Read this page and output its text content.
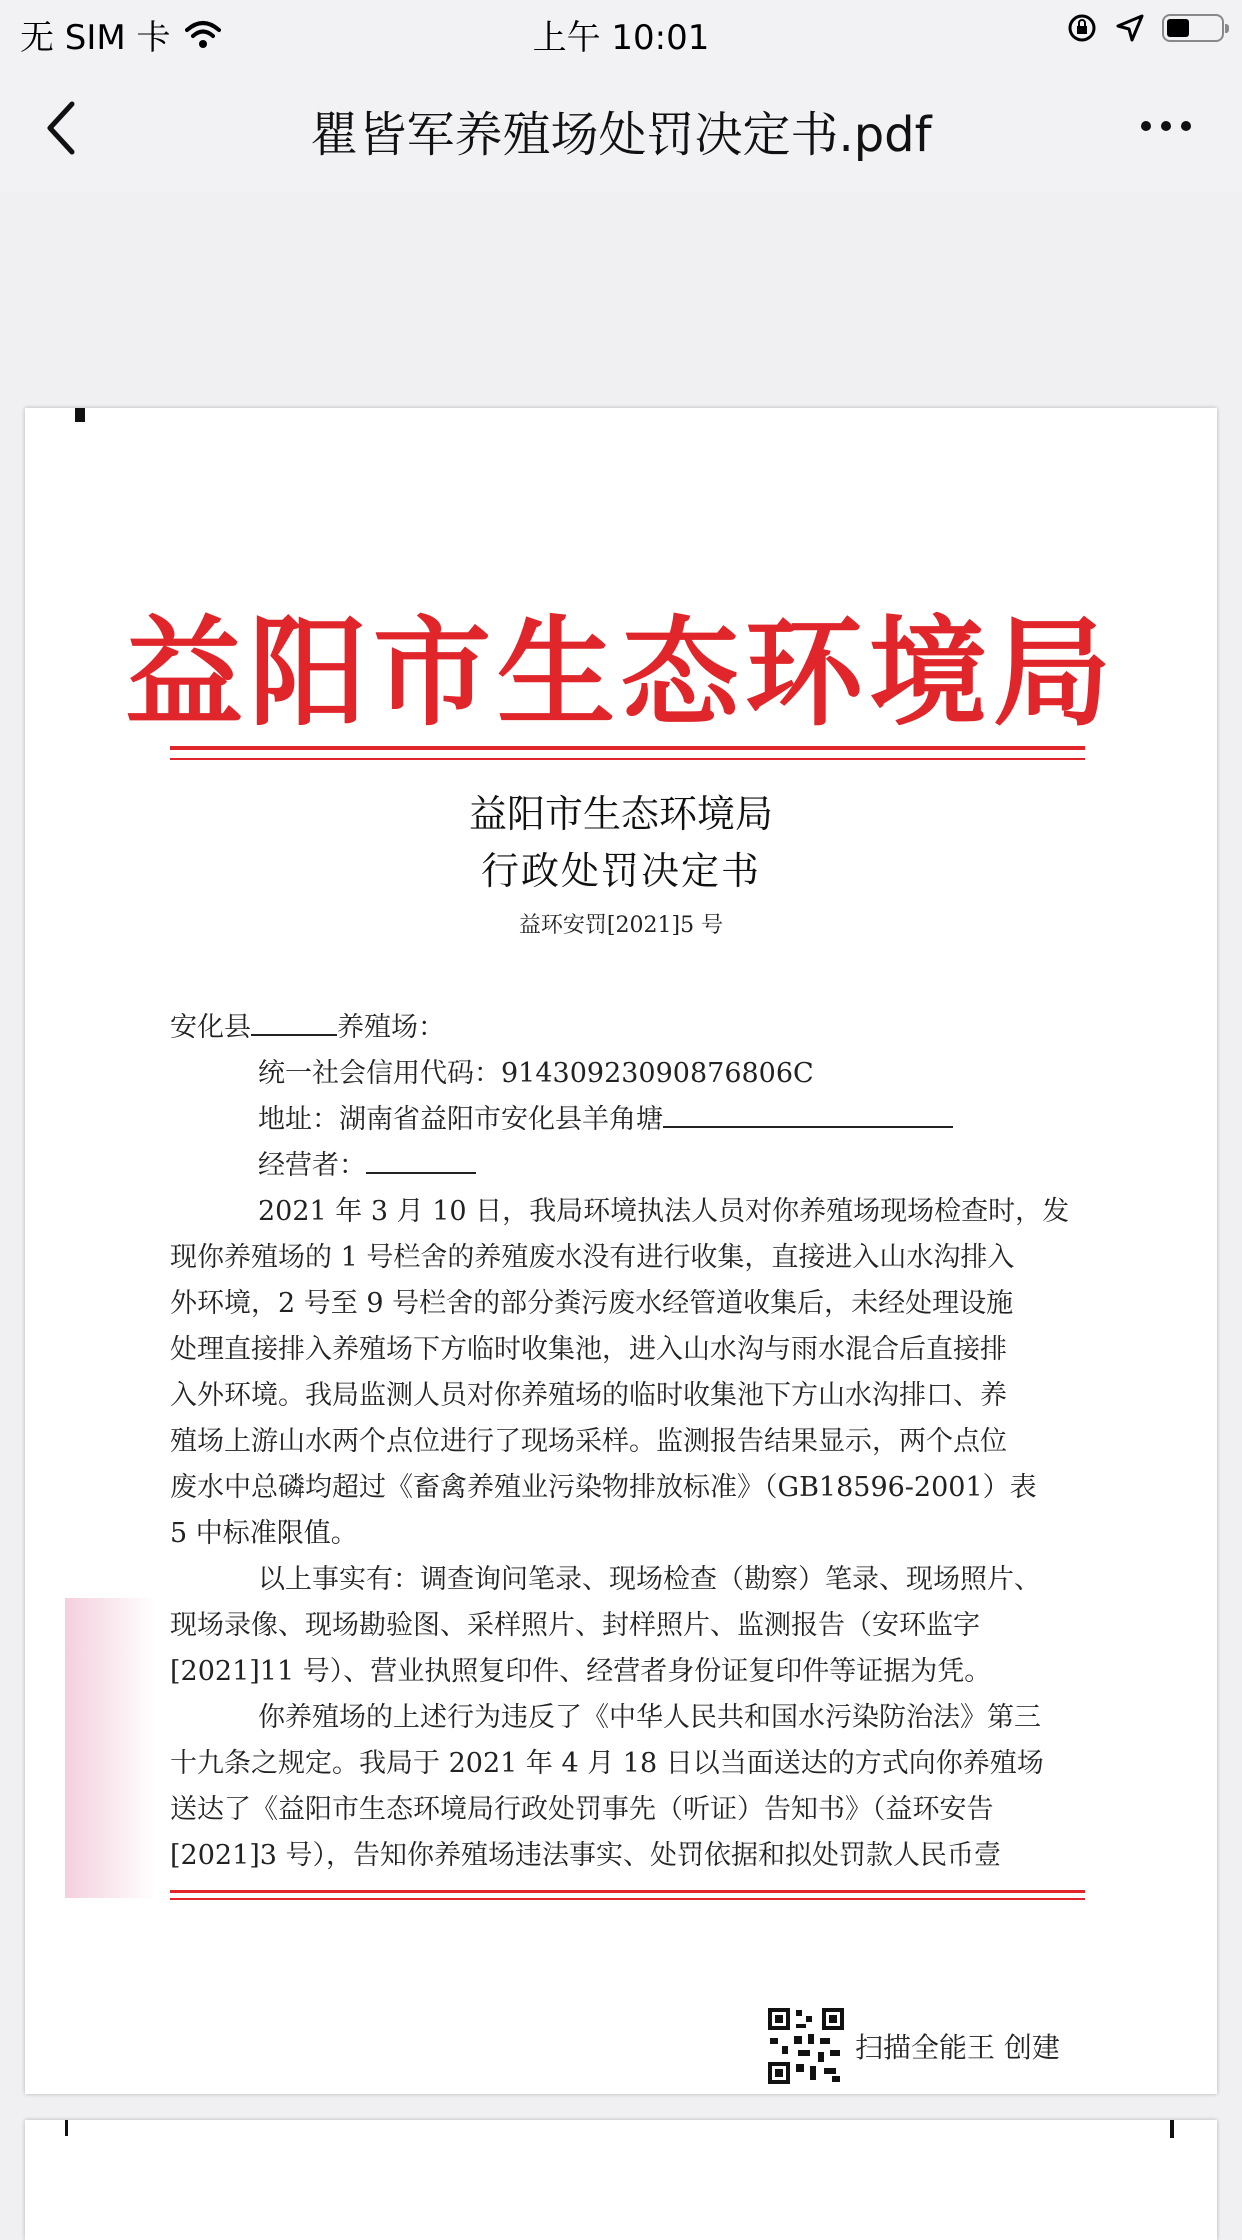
无 SIM 卡	上午 10:01
瞿皆军养殖场处罚决定书.pdf
益阳市生态环境局
益阳市生态环境局
行政处罚决定书
益环安罚[2021]5 号
安化县	养殖场：
统一社会信用代码：91430923090876806C
地址：湖南省益阳市安化县羊角塘
经营者：
2021 年 3 月 10 日，我局环境执法人员对你养殖场现场检查时，发
现你养殖场的 1 号栏舍的养殖废水没有进行收集，直接进入山水沟排入
外环境，2 号至 9 号栏舍的部分粪污废水经管道收集后，未经处理设施
处理直接排入养殖场下方临时收集池，进入山水沟与雨水混合后直接排
入外环境。我局监测人员对你养殖场的临时收集池下方山水沟排口、养
殖场上游山水两个点位进行了现场采样。监测报告结果显示，两个点位
废水中总磷均超过《畜禽养殖业污染物排放标准》（GB18596-2001）表
5 中标准限值。
以上事实有：调查询问笔录、现场检查（勘察）笔录、现场照片、
现场录像、现场勘验图、采样照片、封样照片、监测报告（安环监字
[2021]11 号）、营业执照复印件、经营者身份证复印件等证据为凭。
你养殖场的上述行为违反了《中华人民共和国水污染防治法》第三
十九条之规定。我局于 2021 年 4 月 18 日以当面送达的方式向你养殖场
送达了《益阳市生态环境局行政处罚事先（听证）告知书》（益环安告
[2021]3 号），告知你养殖场违法事实、处罚依据和拟处罚款人民币壹
扫描全能王 创建
